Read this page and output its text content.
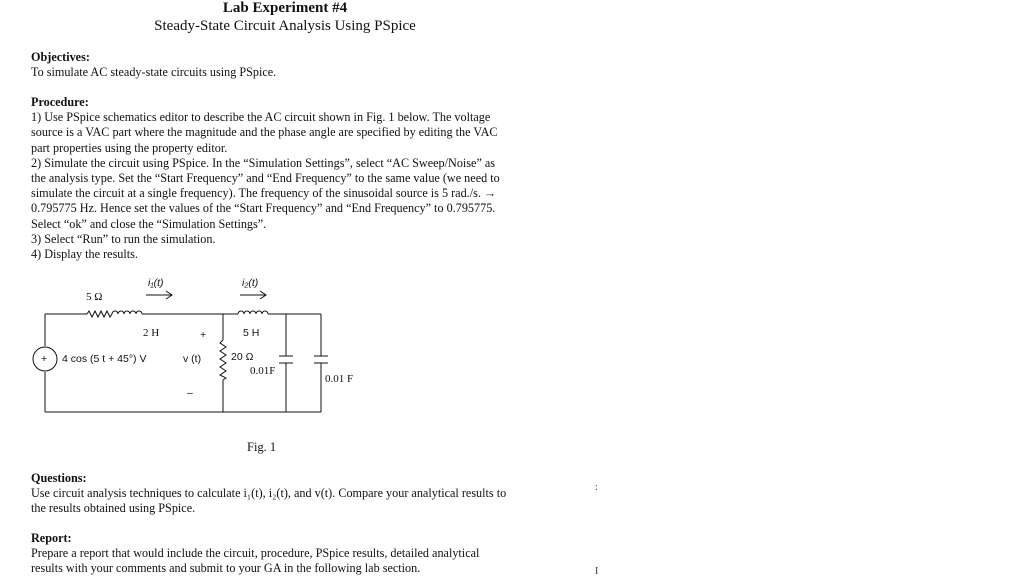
Lab Experiment #4
Steady-State Circuit Analysis Using PSpice
Objectives:
To simulate AC steady-state circuits using PSpice.
Procedure:
1) Use PSpice schematics editor to describe the AC circuit shown in Fig. 1 below. The voltage
source is a VAC part where the magnitude and the phase angle are specified by editing the VAC
part properties using the property editor.
2) Simulate the circuit using PSpice. In the “Simulation Settings”, select “AC Sweep/Noise” as
the analysis type. Set the “Start Frequency” and “End Frequency” to the same value (we need to
simulate the circuit at a single frequency). The frequency of the sinusoidal source is 5 rad./s. →
0.795775 Hz. Hence set the values of the “Start Frequency” and “End Frequency” to 0.795775.
Select “ok” and close the “Simulation Settings”.
3) Select “Run” to run the simulation.
4) Display the results.
+
5 Ω
2 H	5 H
4 cos (5 t + 45°) V
+
v (t)
–
20 Ω
0.01F
0.01 F
i₁(t)	i₂(t)
Fig. 1
Questions:
Use circuit analysis techniques to calculate i₁(t), i₂(t), and v(t). Compare your analytical results to
the results obtained using PSpice.
Report:
Prepare a report that would include the circuit, procedure, PSpice results, detailed analytical
results with your comments and submit to your GA in the following lab section.
:
I
